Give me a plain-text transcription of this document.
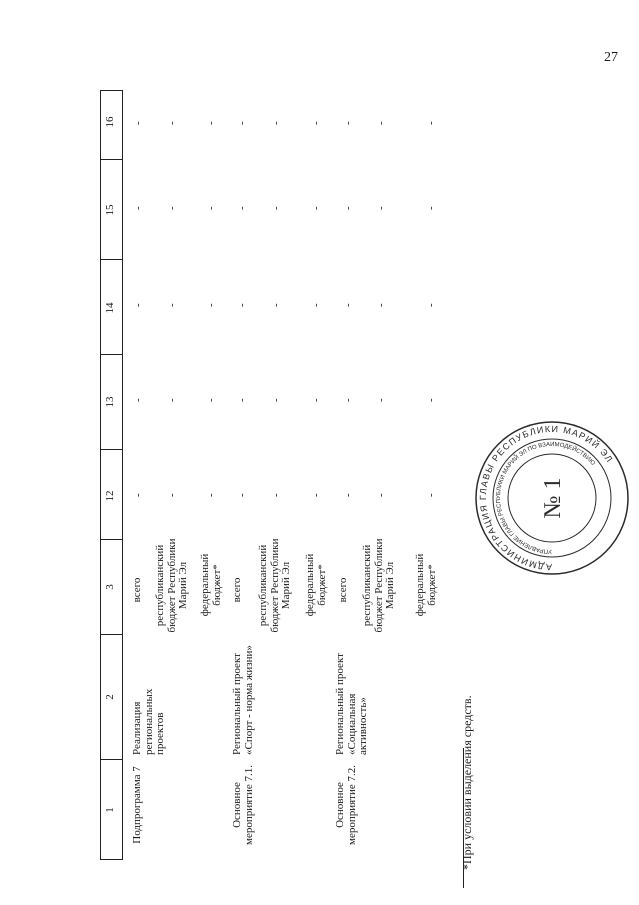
27
1
2
3
12
13
14
15
16
Подпрограмма 7
Реализация региональных проектов
всего республиканский бюджет Республики Марий Эл федеральный бюджет*
Основное мероприятие 7.1.
Региональный проект «Спорт - норма жизни»
всего республиканский бюджет Республики Марий Эл федеральный бюджет*
Основное мероприятие 7.2.
Региональный проект «Социальная активность»
всего республиканский бюджет Республики Марий Эл федеральный бюджет*
-
-
-
-
-
-
-
-
-
-
-
-
-
-
-
-
-
-
-
-
-
-
-
-
-
-
-
-
-
-
-
-
-
-
-
-
-
-
-
-
-
-
-
-
-
*При условии выделения средств.
АДМИНИСТРАЦИЯ ГЛАВЫ РЕСПУБЛИКИ МАРИЙ ЭЛ
УПРАВЛЕНИЕ ГЛАВЫ РЕСПУБЛИКИ МАРИЙ ЭЛ ПО ВЗАИМОДЕЙСТВИЮ
№ 1
